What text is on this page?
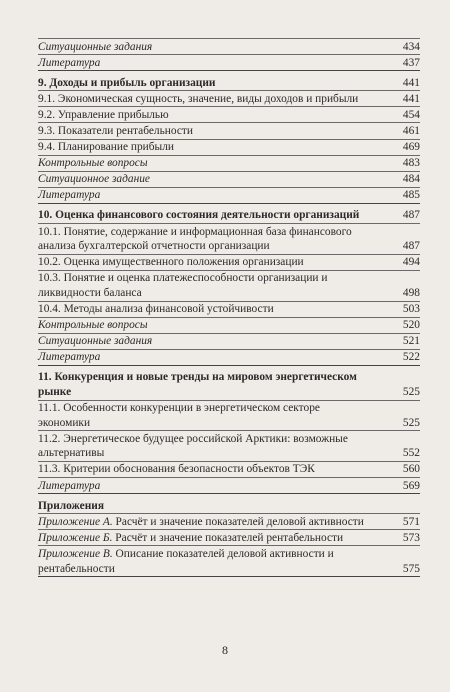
Ситуационные задания	434
Литература	437
9. Доходы и прибыль организации	441
9.1. Экономическая сущность, значение, виды доходов и прибыли	441
9.2. Управление прибылью	454
9.3. Показатели рентабельности	461
9.4. Планирование прибыли	469
Контрольные вопросы	483
Ситуационное задание	484
Литература	485
10. Оценка финансового состояния деятельности организаций	487
10.1. Понятие, содержание и информационная база финансового анализа бухгалтерской отчетности организации	487
10.2. Оценка имущественного положения организации	494
10.3. Понятие и оценка платежеспособности организации и ликвидности баланса	498
10.4. Методы анализа финансовой устойчивости	503
Контрольные вопросы	520
Ситуационные задания	521
Литература	522
11. Конкуренция и новые тренды на мировом энергетическом рынке	525
11.1. Особенности конкуренции в энергетическом секторе экономики	525
11.2. Энергетическое будущее российской Арктики: возможные альтернативы	552
11.3. Критерии обоснования безопасности объектов ТЭК	560
Литература	569
Приложения
Приложение А. Расчёт и значение показателей деловой активности	571
Приложение Б. Расчёт и значение показателей рентабельности	573
Приложение В. Описание показателей деловой активности и рентабельности	575
8
